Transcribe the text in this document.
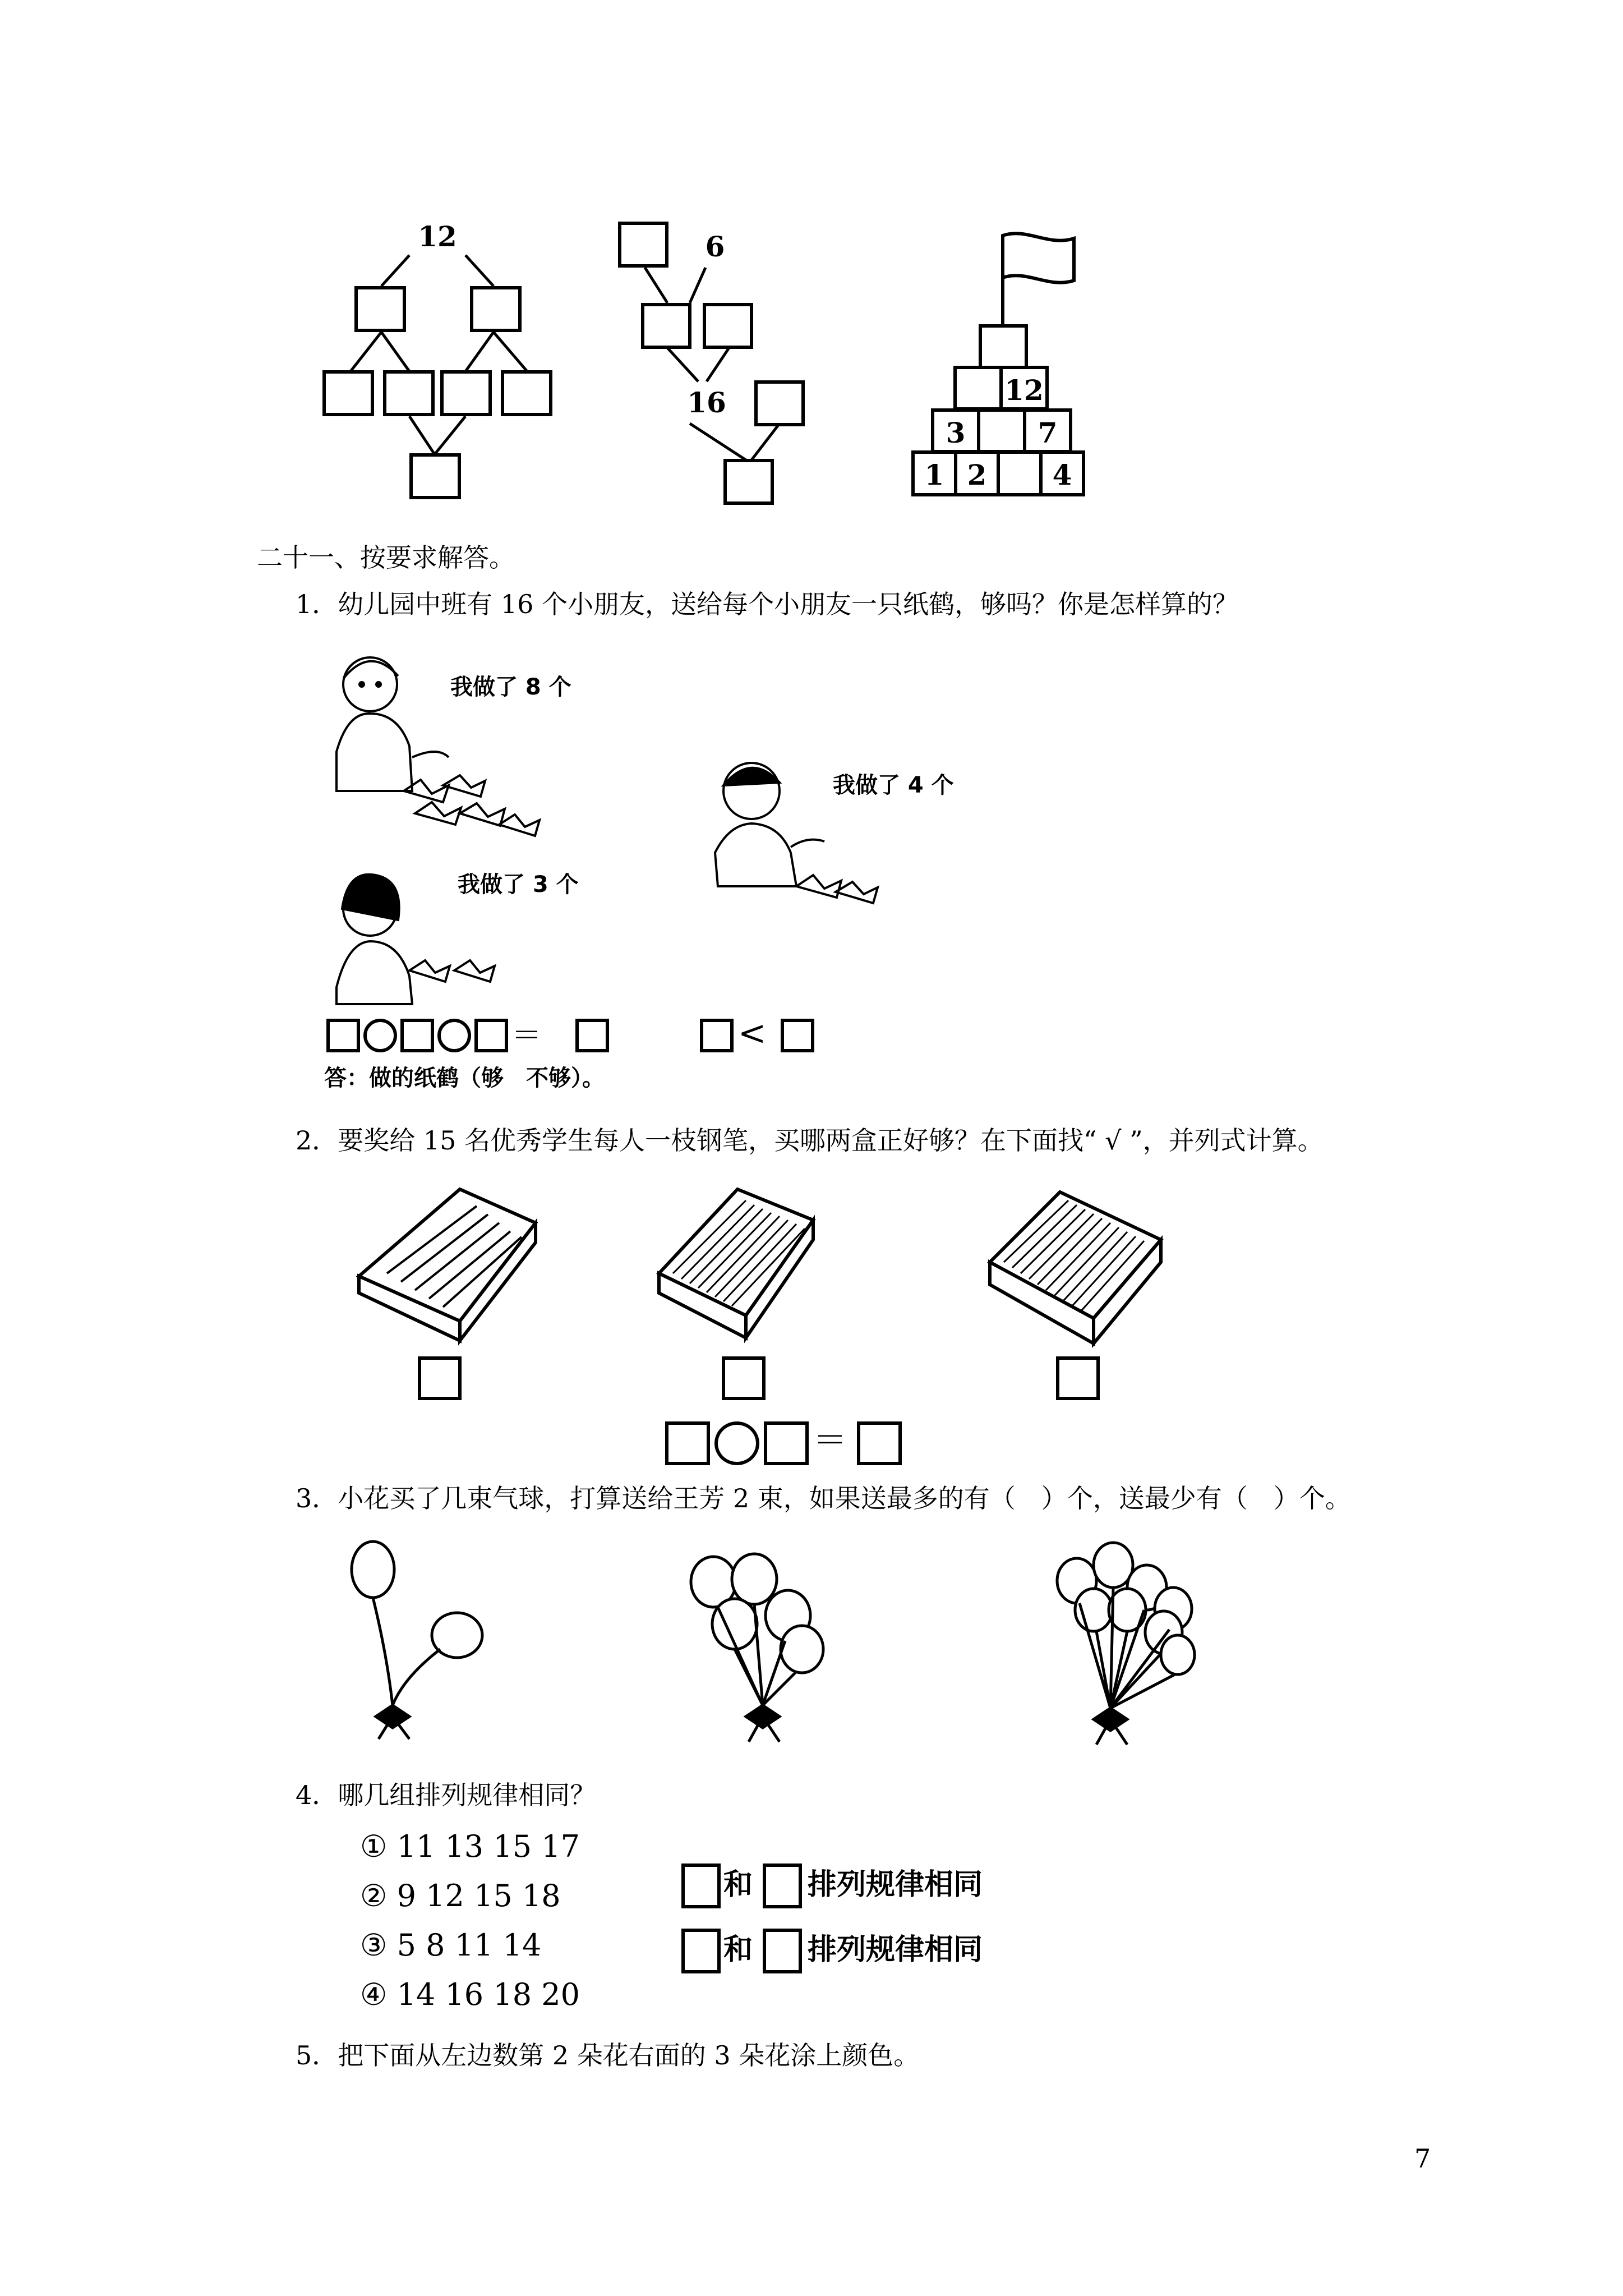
12	6
16	12
3	7
1 2	4
二十一、按要求解答。
1．幼儿园中班有 16 个小朋友，送给每个小朋友一只纸鹤，够吗？你是怎样算的？
我做了 8 个
我做了 4 个
我做了 3 个
＝	<
答：做的纸鹤（够　不够）。
2．要奖给 15 名优秀学生每人一枝钢笔，买哪两盒正好够？在下面找“ √ ”，并列式计算。
＝
3．小花买了几束气球，打算送给王芳 2 束，如果送最多的有（　）个，送最少有（　）个。
4．哪几组排列规律相同？
① 11 13 15 17
② 9 12 15 18
③ 5 8 11 14
④ 14 16 18 20
和 排列规律相同
和 排列规律相同
5．把下面从左边数第 2 朵花右面的 3 朵花涂上颜色。
7
